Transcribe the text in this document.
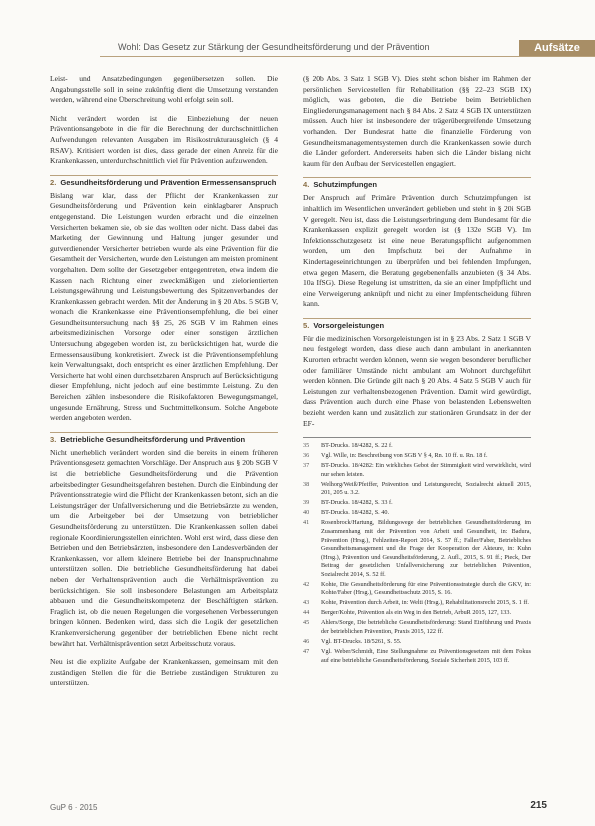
Wohl: Das Gesetz zur Stärkung der Gesundheitsförderung und der Prävention	Aufsätze

Leist- und Ansatzbedingungen gegenübersetzen sollen. Die Angabungsstelle soll in seine zukünftig dient die Umsetzung verstanden werden, während eine Überschreitung wohl erfolgt sein soll.

Nicht verändert worden ist die Einbeziehung der neuen Präventionsangebote in die für die Berechnung der durchschnittlichen Aufwendungen relevanten Ausgaben im Risikostrukturausgleich (§ 4 RSAV). Kritisiert worden ist dies, dass gerade der einen Anreiz für die Krankenkassen, unterdurchschnittlich viel für Prävention aufzuwenden.

2. Gesundheitsförderung und Prävention Ermessensanspruch

Bislang war klar, dass der Pflicht der Krankenkassen zur Gesundheitsförderung und Prävention kein einklagbarer Anspruch entgegenstand. Die Leistungen wurden erbracht und die einzelnen Versicherten bekamen sie, ob sie das wollten oder nicht. Dass dabei das Marketing der Gewinnung und Haltung junger gesunder und gutverdienender Versicherter betrieben wurde als eine Prävention für die Gesamtheit der Versicherten, wurde den Leistungen am meisten prominent vorgehalten. Dem sollte der Gesetzgeber entgegentreten, etwa indem die Kassen nach Richtung einer zweckmäßigen und zielorientierten Leistungsgewährung und Leistungsbewertung des Spitzenverbandes der Krankenkassen gebracht werden. Mit der Änderung in § 20 Abs. 5 SGB V, wonach die Krankenkasse eine Präventionsempfehlung, die bei einer Gesundheitsuntersuchung nach §§ 25, 26 SGB V im Rahmen eines arbeitsmedizinischen Vorsorge oder einer sonstigen ärztlichen Untersuchung abgegeben worden ist, zu berücksichtigen hat, wurde die Ermessensausübung konkretisiert. Zweck ist die Präventionsempfehlung kein Verwaltungsakt, doch entspricht es einer ärztlichen Empfehlung. Der Versicherte hat wohl einen durchsetzbaren Anspruch auf Berücksichtigung dieser Empfehlung, nicht jedoch auf eine bestimmte Leistung. Zu den Bereichen zählen insbesondere die Risikofaktoren Bewegungsmangel, ungesunde Ernährung, Stress und Suchtmittelkonsum. Solche Angebote werden angeboten werden.

3. Betriebliche Gesundheitsförderung und Prävention

Nicht unerheblich verändert worden sind die bereits in einem früheren Präventionsgesetz gemachten Vorschläge. Der Anspruch aus § 20b SGB V ist die betriebliche Gesundheitsförderung und die Prävention arbeitsbedingter Gesundheitsgefahren bestehen. Durch die Einbindung der Präventionsstrategie wird die Pflicht der Krankenkassen betont, sich an die Leistungsträger der Unfallversicherung und die Betriebsärzte zu wenden, um die Arbeitgeber bei der Umsetzung von betrieblicher Gesundheitsförderung zu unterstützen. Die Krankenkassen sollen dabei regionale Koordinierungsstellen einrichten. Wohl erst wird, dass diese den Betrieben und den Betriebsärzten, insbesondere den Landesverbänden der Krankenkassen, vor allem kleinere Betriebe bei der Inanspruchnahme unterstützen sollen. Die betriebliche Gesundheitsförderung hat dabei neben der Verhaltensprävention auch die Verhältnisprävention zu berücksichtigen. Sie soll insbesondere Belastungen am Arbeitsplatz abbauen und die Gesundheitskompetenz der Beschäftigten stärken. Fraglich ist, ob die neuen Regelungen die vorgesehenen Verbesserungen bringen können. Bedenken wird, dass sich die Logik der gesetzlichen Krankenversicherung gegenüber der betrieblichen Ebene nicht recht bewährt hat. Verhältnisprävention setzt Arbeitsschutz voraus.

Neu ist die explizite Aufgabe der Krankenkassen, gemeinsam mit den zuständigen Stellen die für die Betriebe zuständigen Strukturen zu unterstützen.

(§ 20b Abs. 3 Satz 1 SGB V). Dies steht schon bisher im Rahmen der persönlichen Servicestellen für Rehabilitation (§§ 22–23 SGB IX) möglich, was geboten, die die Betriebe beim Betrieblichen Eingliederungsmanagement nach § 84 Abs. 2 Satz 4 SGB IX unterstützen müssen. Auch hier ist insbesondere der trägerübergreifende Umsetzung vorhanden. Der Bundesrat hatte die finanzielle Förderung von Gesundheitsmanagementsystemen durch die Krankenkassen sowie durch die Länder gefordert. Andererseits haben sich die Länder bislang nicht kaum für den Aufbau der Servicestellen engagiert.

4. Schutzimpfungen

Der Anspruch auf Primäre Prävention durch Schutzimpfungen ist inhaltlich im Wesentlichen unverändert geblieben und steht in § 20i SGB V geregelt. Neu ist, dass die Leistungserbringung dem Bundesamt für die Krankenkassen explizit geregelt worden ist (§ 132e SGB V). Im Infektionsschutzgesetz ist eine neue Beratungspflicht aufgenommen worden, um den Impfschutz bei der Aufnahme in Kindertageseinrichtungen zu überprüfen und bei fehlenden Impfungen, etwa gegen Masern, die Beratung gegebenenfalls anzubieten (§ 34 Abs. 10a IfSG). Diese Regelung ist umstritten, da sie an einer Impfpflicht und eine Verweigerung anknüpft und nicht zu einer Impfentscheidung führen kann.

5. Vorsorgeleistungen

Für die medizinischen Vorsorgeleistungen ist in § 23 Abs. 2 Satz 1 SGB V neu festgelegt worden, dass diese auch dann ambulant in anerkannten Kurorten erbracht werden können, wenn sie wegen besonderer beruflicher oder familiärer Umstände nicht ambulant am Wohnort durchgeführt werden können. Die Gründe gilt nach § 20 Abs. 4 Satz 5 SGB V auch für Leistungen zur verhaltensbezogenen Prävention. Damit wird gewürdigt, dass Prävention auch durch eine Phase von belastenden Lebenswelten bezieht werden kann und zusätzlich zur stationären Grundsatz in der der EF-

35	BT-Drucks. 18/4282, S. 22 f.
36	Vgl. Wille, in: Beschreibung von SGB V § 4, Rn. 10 ff. u. Rn. 18 f.
37	BT-Drucks. 18/4282: Ein wirkliches Gebot der Stimmigkeit wird verwirklicht, wird nur sehen leisten.
38	Welhorg/Weiß/Pfeiffer, Prävention und Leistungsrecht, Sozialrecht aktuell 2015, 201, 205 u. 3.2.
39	BT-Drucks. 18/4282, S. 33 f.
40	BT-Drucks. 18/4282, S. 40.
41	Rosenbrock/Hartung, Bildungswege der betrieblichen Gesundheitsförderung im Zusammenhang mit der Prävention von Arbeit und Gesundheit, in: Badura, Prävention (Hrsg.), Fehlzeiten-Report 2014, S. 57 ff.; Faller/Faber, Betriebliches Gesundheitsmanagement und die Frage der Kooperation der Akteure, in: Kuhn (Hrsg.), Prävention und Gesundheitsförderung, 2. Aufl., 2015, S. 91 ff.; Pieck, Der Beitrag der gesetzlichen Unfallversicherung zur betrieblichen Prävention, Sozialrecht 2014, S. 52 ff.
42	Kohte, Die Gesundheitsförderung für eine Präventionsstrategie durch die GKV, in: Kohte/Faber (Hrsg.), Gesundheitsschutz 2015, S. 16.
43	Kohte, Prävention durch Arbeit, in: Welti (Hrsg.), Rehabilitationsrecht 2015, S. 1 ff.
44	Berger/Kohte, Prävention als ein Weg in den Betrieb, ArbuR 2015, 127, 133.
45	Ahlers/Sorge, Die betriebliche Gesundheitsförderung: Stand Einführung und Praxis der betrieblichen Prävention, Praxis 2015, 122 ff.
46	Vgl. BT-Drucks. 18/5261, S. 55.
47	Vgl. Weber/Schmidt, Eine Stellungnahme zu Präventionsgesetzen mit dem Fokus auf eine betriebliche Gesundheitsförderung, Soziale Sicherheit 2015, 103 ff.
GuP 6 · 2015	215
